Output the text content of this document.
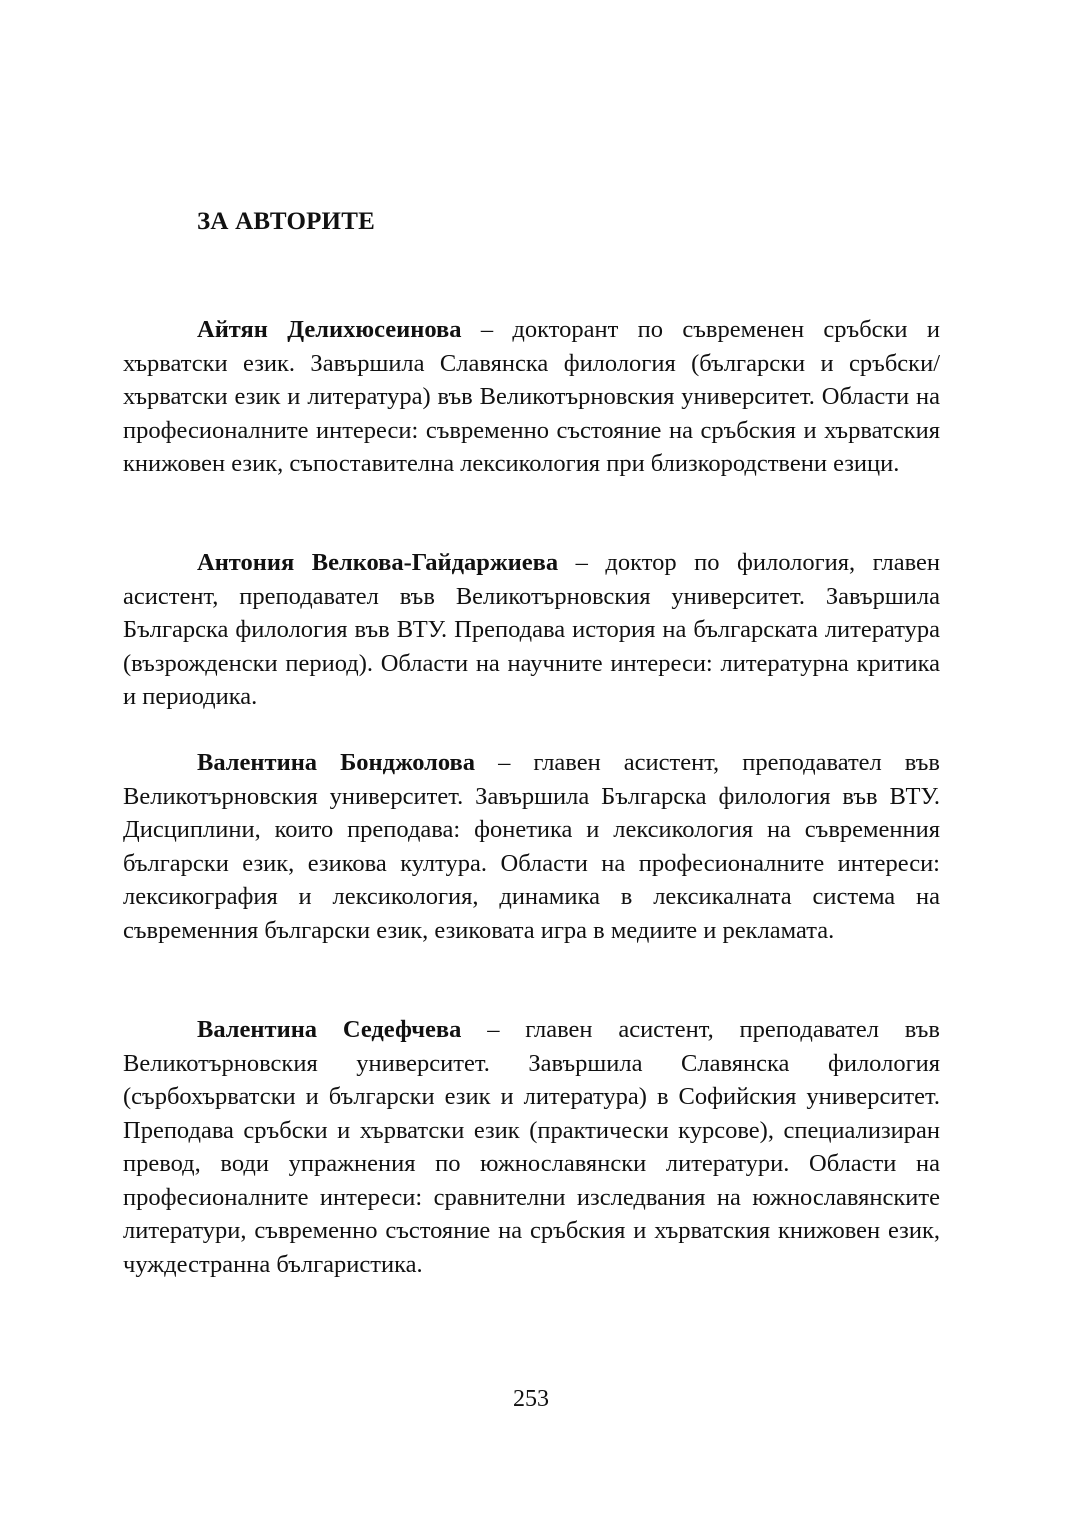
ЗА АВТОРИТЕ

Айтян Делихюсеинова – докторант по съвременен сръбски и хърватски език. Завършила Славянска филология (български и сръбски/хърватски език и литература) във Великотърновския университет. Области на професионалните интереси: съвременно състояние на сръбския и хърватския книжовен език, съпоставителна лексикология при близкородствени езици.

Антония Велкова-Гайдаржиева – доктор по филология, главен асистент, преподавател във Великотърновския университет. Завършила Българска филология във ВТУ. Преподава история на българската литература (възрожденски период). Области на научните интереси: литературна критика и периодика.

Валентина Бонджолова – главен асистент, преподавател във Великотърновския университет. Завършила Българска филология във ВТУ. Дисциплини, които преподава: фонетика и лексикология на съвременния български език, езикова култура. Области на професионалните интереси: лексикография и лексикология, динамика в лексикалната система на съвременния български език, езиковата игра в медиите и рекламата.

Валентина Седефчева – главен асистент, преподавател във Великотърновския университет. Завършила Славянска филология (сърбохърватски и български език и литература) в Софийския университет. Преподава сръбски и хърватски език (практически курсове), специализиран превод, води упражнения по южнославянски литератури. Области на професионалните интереси: сравнителни изследвания на южнославянските литератури, съвременно състояние на сръбския и хърватския книжовен език, чуждестранна българистика.

253
